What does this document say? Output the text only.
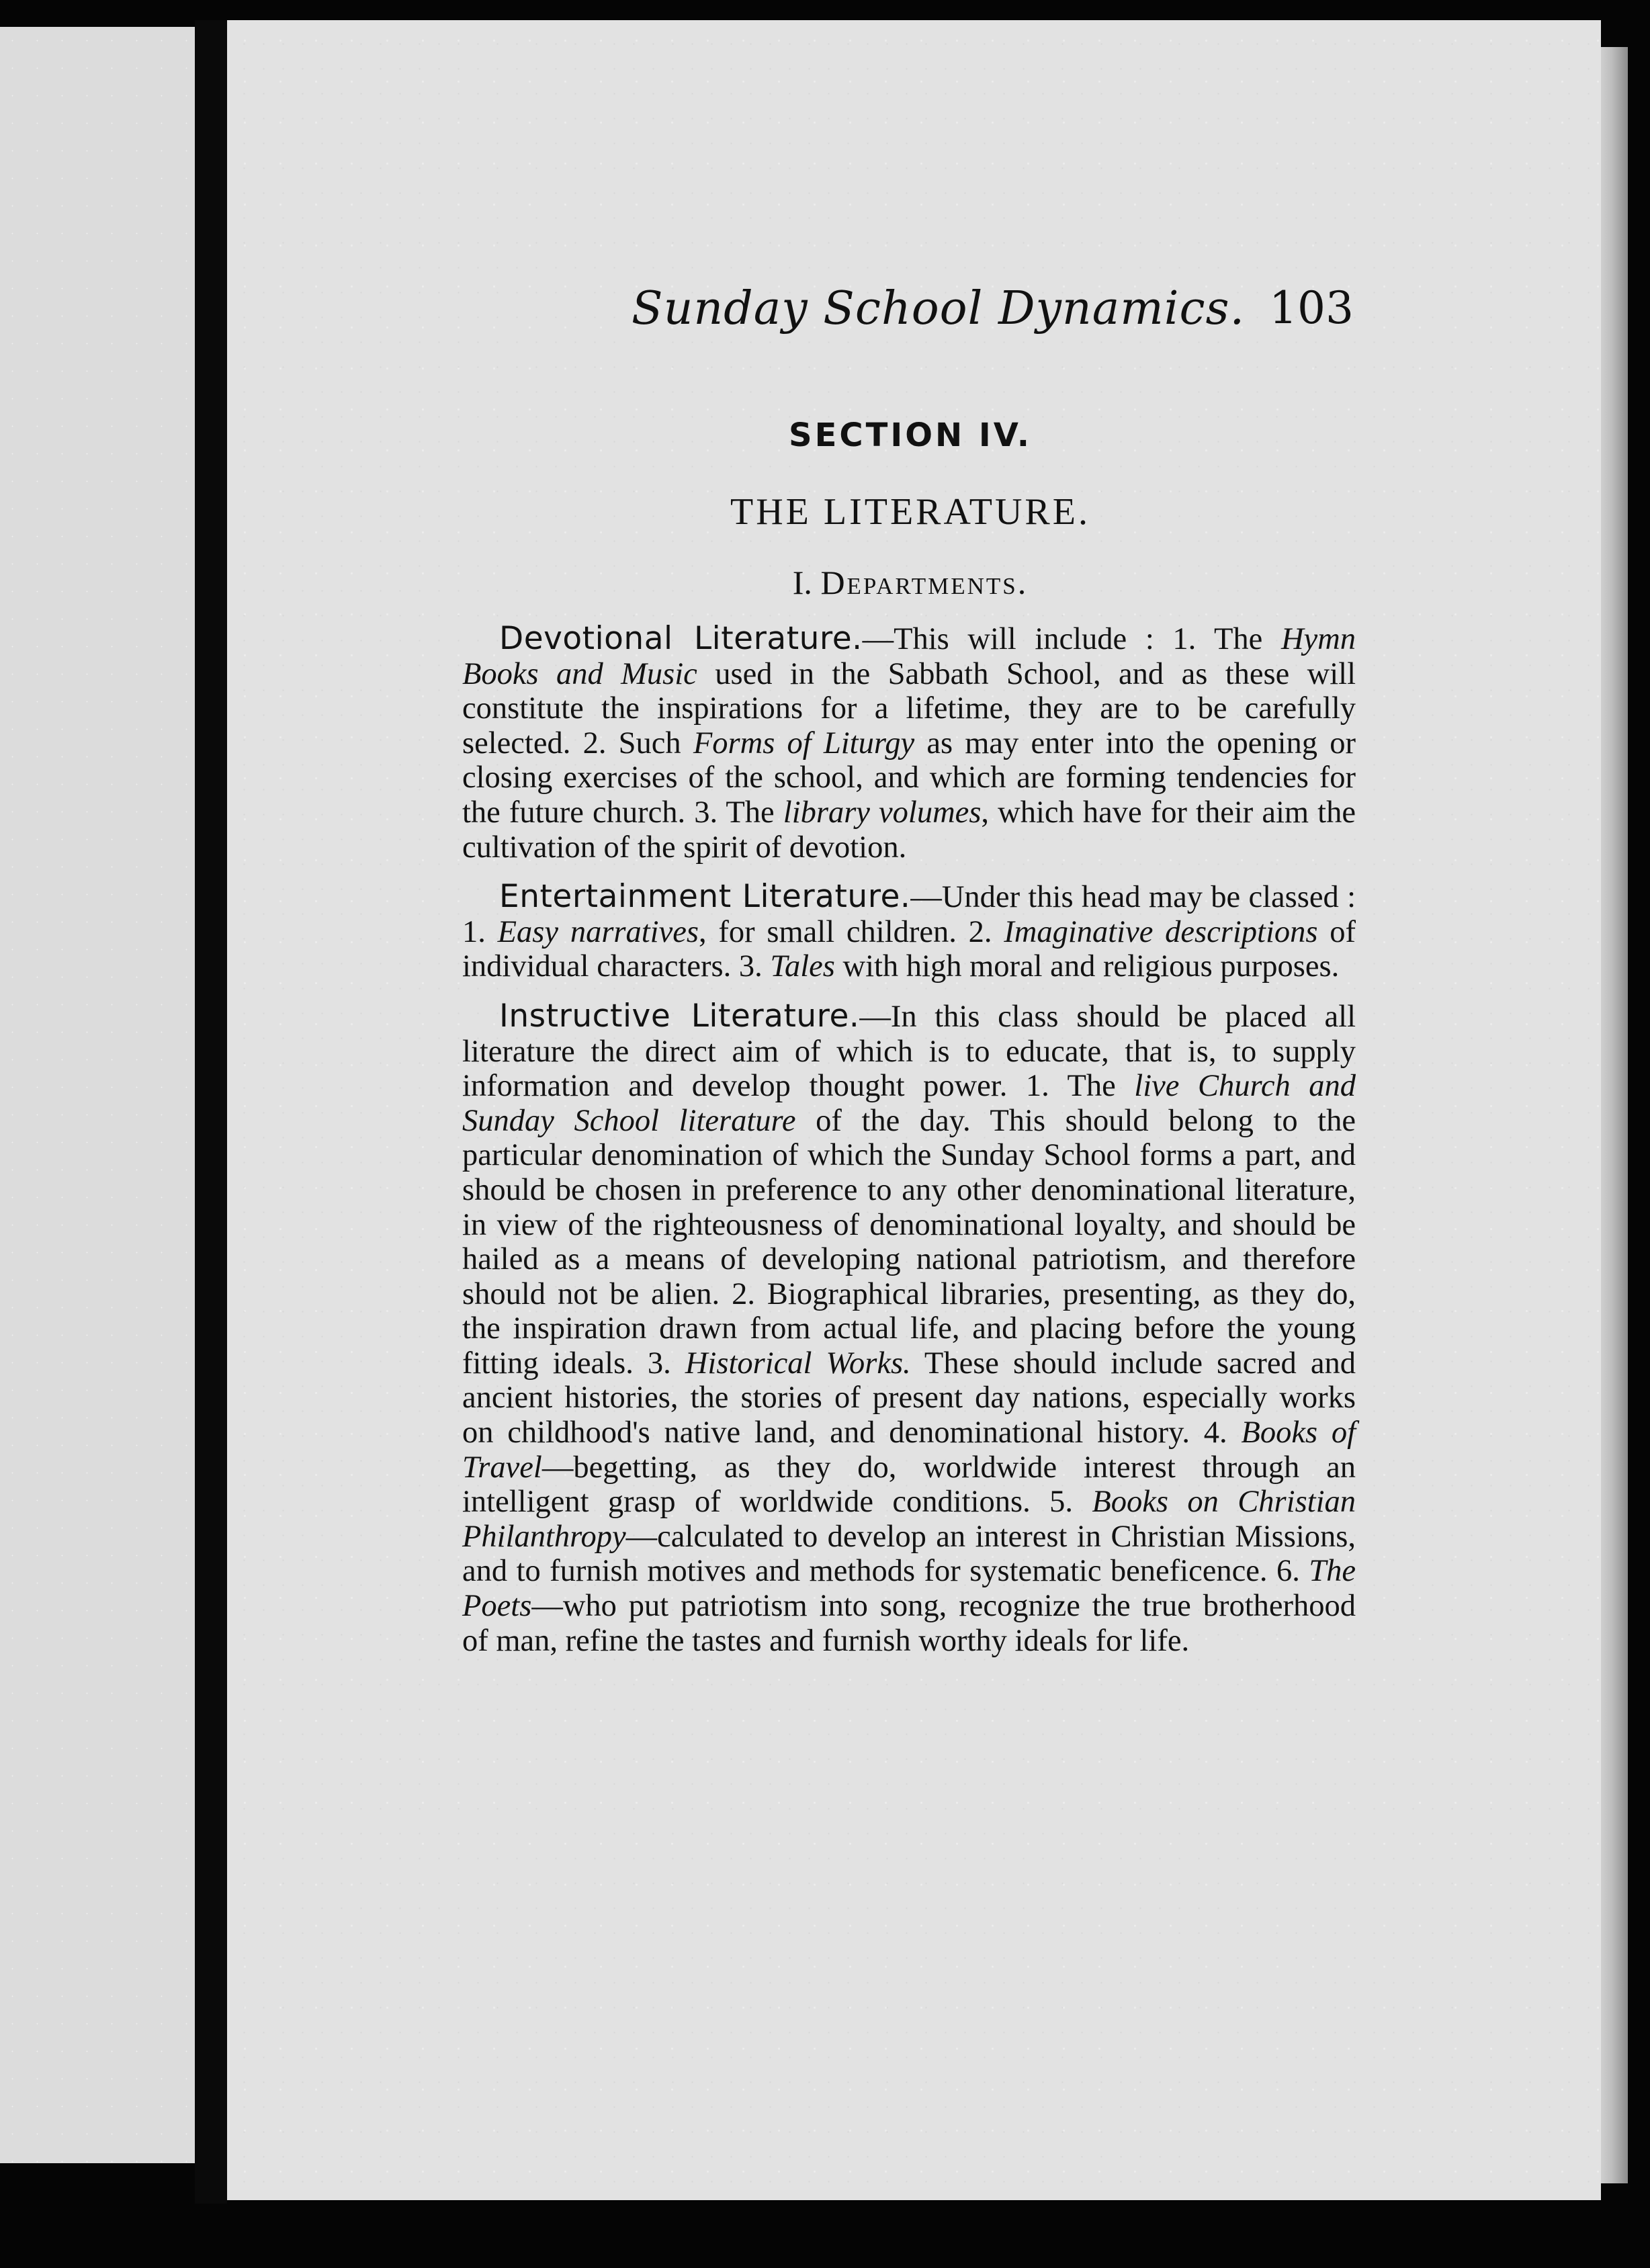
Sunday School Dynamics. 103
SECTION IV.
THE LITERATURE.
I. Departments.

Devotional Literature.—This will include : 1. The Hymn Books and Music used in the Sabbath School, and as these will constitute the inspirations for a lifetime, they are to be carefully selected. 2. Such Forms of Liturgy as may enter into the opening or closing exercises of the school, and which are forming tendencies for the future church. 3. The library volumes, which have for their aim the cultivation of the spirit of devotion.

Entertainment Literature.—Under this head may be classed : 1. Easy narratives, for small children. 2. Imaginative descriptions of individual characters. 3. Tales with high moral and religious purposes.

Instructive Literature.—In this class should be placed all literature the direct aim of which is to educate, that is, to supply information and develop thought power. 1. The live Church and Sunday School literature of the day. This should belong to the particular denomination of which the Sunday School forms a part, and should be chosen in preference to any other denominational literature, in view of the righteousness of denominational loyalty, and should be hailed as a means of developing national patriotism, and therefore should not be alien. 2. Biographical libraries, presenting, as they do, the inspiration drawn from actual life, and placing before the young fitting ideals. 3. Historical Works. These should include sacred and ancient histories, the stories of present day nations, especially works on childhood's native land, and denominational history. 4. Books of Travel—begetting, as they do, worldwide interest through an intelligent grasp of worldwide conditions. 5. Books on Christian Philanthropy—calculated to develop an interest in Christian Missions, and to furnish motives and methods for systematic beneficence. 6. The Poets—who put patriotism into song, recognize the true brotherhood of man, refine the tastes and furnish worthy ideals for life.
